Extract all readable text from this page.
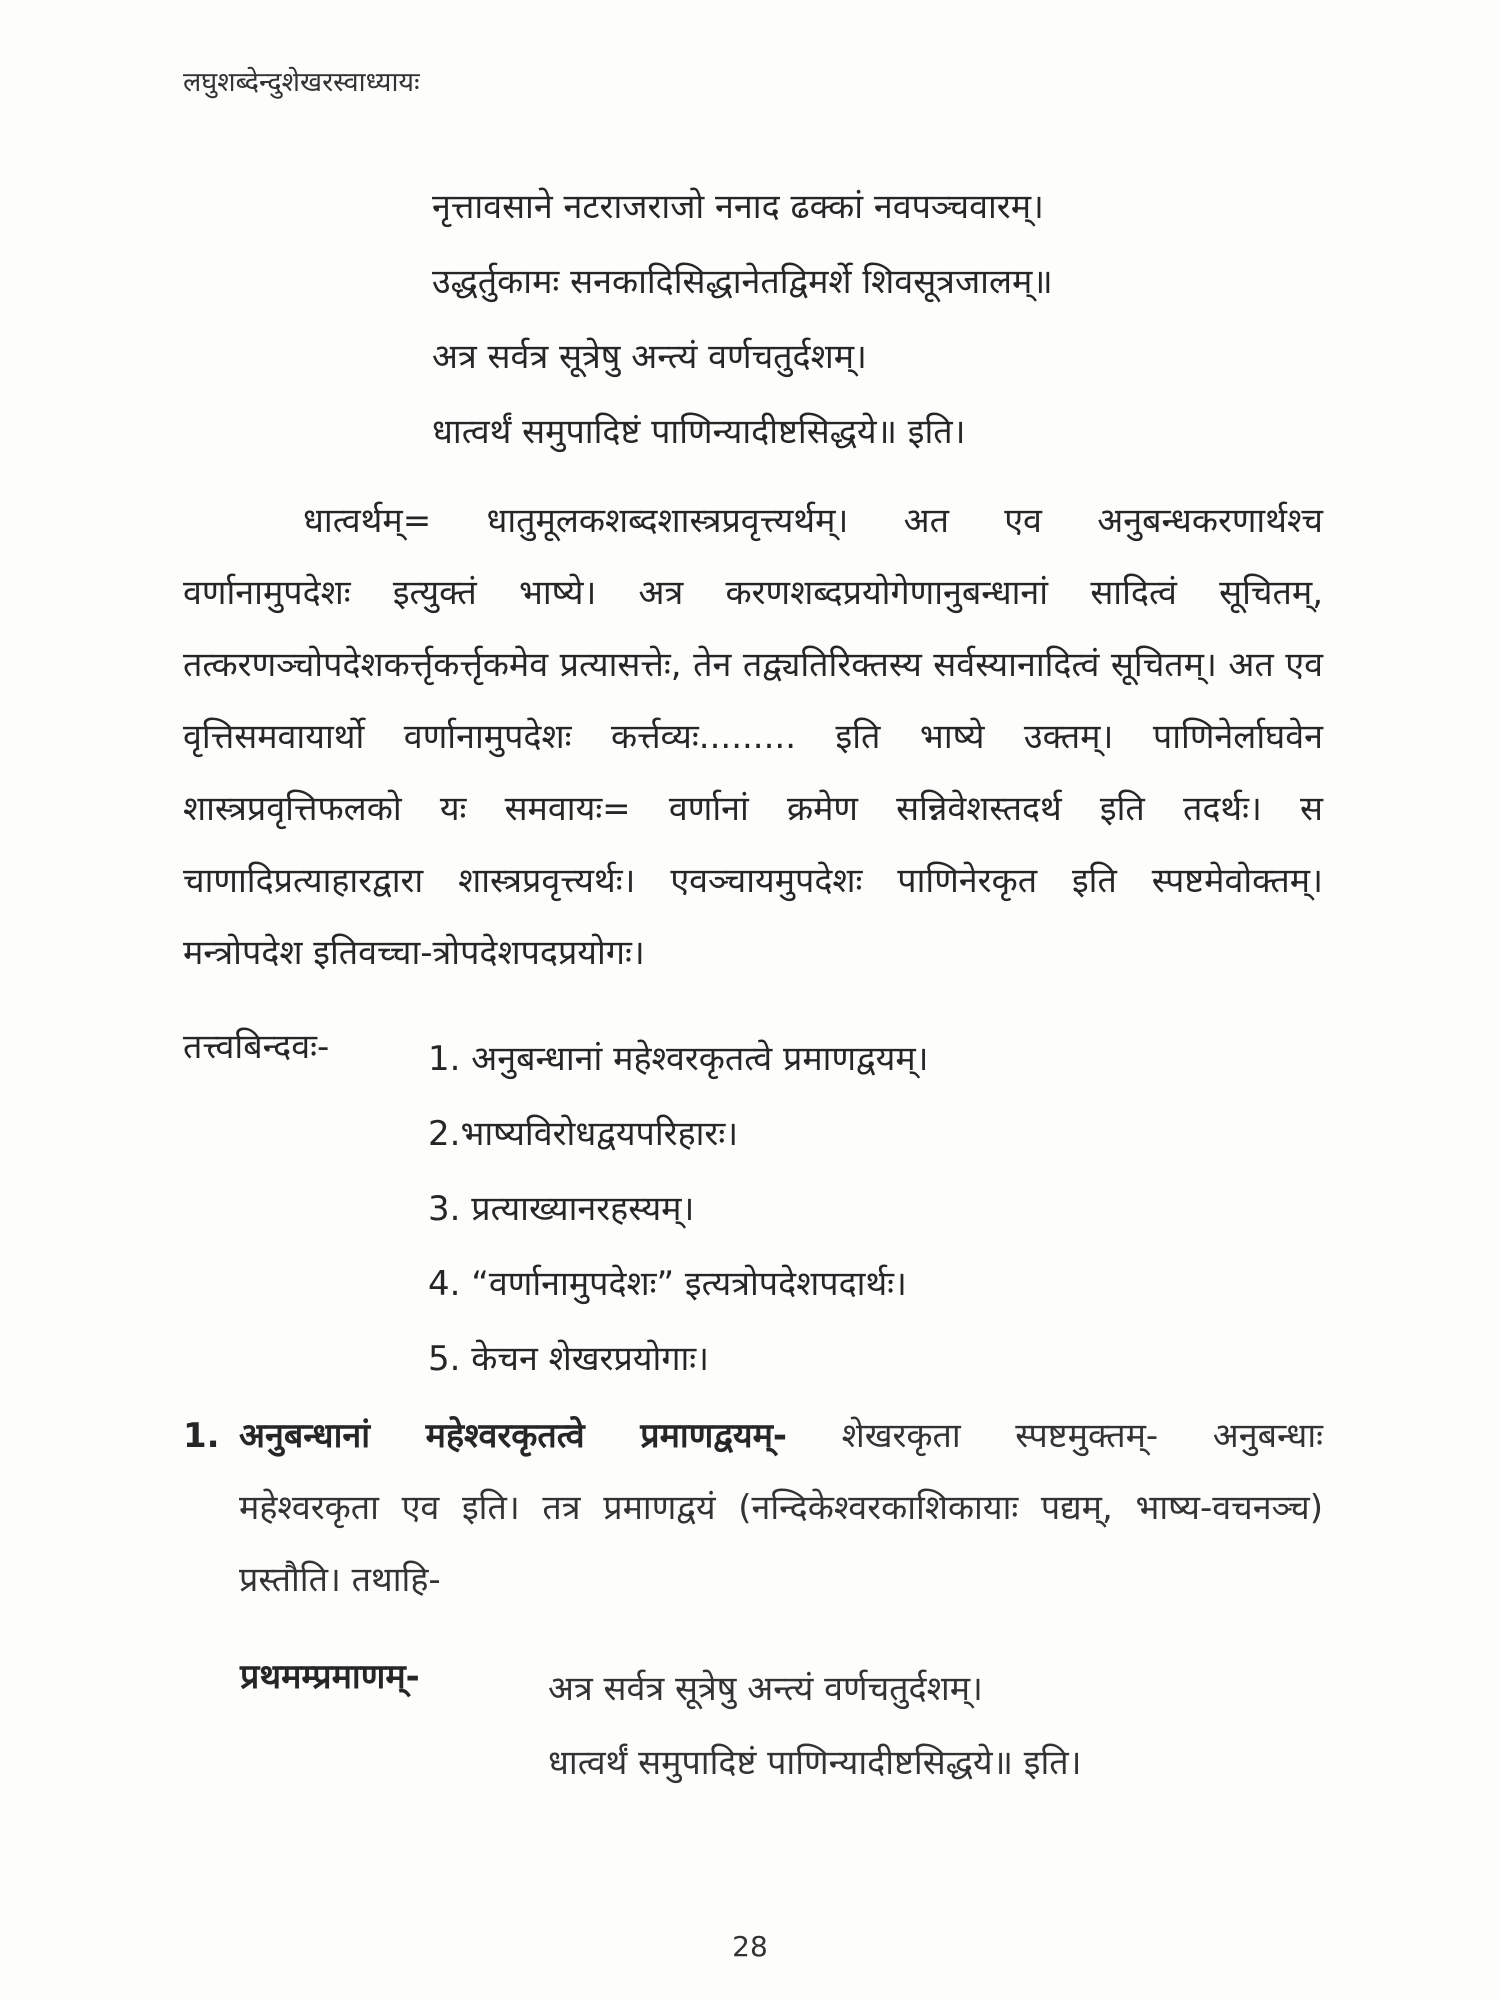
लघुशब्देन्दुशेखरस्वाध्यायः
नृत्तावसाने नटराजराजो ननाद ढक्कां नवपञ्चवारम्।
उद्धर्तुकामः सनकादिसिद्धानेतद्विमर्शे शिवसूत्रजालम्॥
अत्र सर्वत्र सूत्रेषु अन्त्यं वर्णचतुर्दशम्।
धात्वर्थं समुपादिष्टं पाणिन्यादीष्टसिद्धये॥ इति।
धात्वर्थम्= धातुमूलकशब्दशास्त्रप्रवृत्त्यर्थम्। अत एव अनुबन्धकरणार्थश्च वर्णानामुपदेशः इत्युक्तं भाष्ये। अत्र करणशब्दप्रयोगेणानुबन्धानां सादित्वं सूचितम्, तत्करणञ्चोपदेशकर्त्तृकर्त्तृकमेव प्रत्यासत्तेः, तेन तद्व्यतिरिक्तस्य सर्वस्यानादित्वं सूचितम्। अत एव वृत्तिसमवायार्थो वर्णानामुपदेशः कर्त्तव्यः......... इति भाष्ये उक्तम्। पाणिनेर्लाघवेन शास्त्रप्रवृत्तिफलको यः समवायः= वर्णानां क्रमेण सन्निवेशस्तदर्थ इति तदर्थः। स चाणादिप्रत्याहारद्वारा शास्त्रप्रवृत्त्यर्थः। एवञ्चायमुपदेशः पाणिनेरकृत इति स्पष्टमेवोक्तम्। मन्त्रोपदेश इतिवच्चा-त्रोपदेशपदप्रयोगः।
तत्त्वबिन्दवः-	1. अनुबन्धानां महेश्वरकृतत्वे प्रमाणद्वयम्।
2.भाष्यविरोधद्वयपरिहारः।
3. प्रत्याख्यानरहस्यम्।
4. “वर्णानामुपदेशः” इत्यत्रोपदेशपदार्थः।
5. केचन शेखरप्रयोगाः।
1. अनुबन्धानां महेश्वरकृतत्वे प्रमाणद्वयम्- शेखरकृता स्पष्टमुक्तम्- अनुबन्धाः
महेश्वरकृता एव इति। तत्र प्रमाणद्वयं (नन्दिकेश्वरकाशिकायाः पद्यम्, भाष्य-वचनञ्च) प्रस्तौति। तथाहि-
प्रथमम्प्रमाणम्-	अत्र सर्वत्र सूत्रेषु अन्त्यं वर्णचतुर्दशम्।
धात्वर्थं समुपादिष्टं पाणिन्यादीष्टसिद्धये॥ इति।
28
